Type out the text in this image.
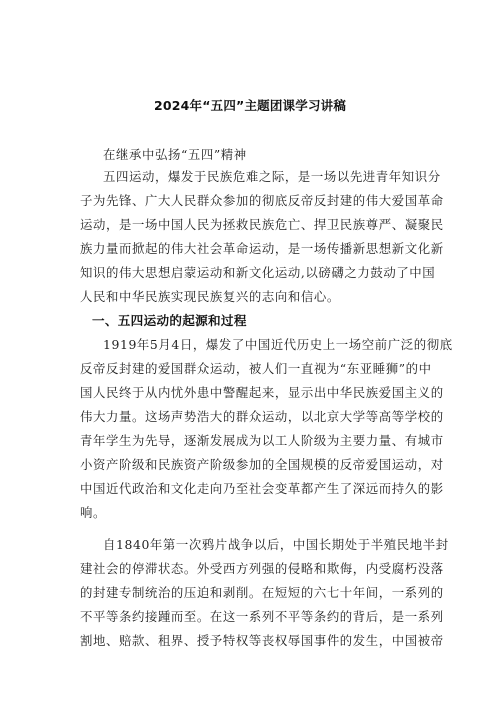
2024年“五四”主题团课学习讲稿
在继承中弘扬“五四”精神
五四运动，爆发于民族危难之际，是一场以先进青年知识分
子为先锋、广大人民群众参加的彻底反帝反封建的伟大爱国革命
运动，是一场中国人民为拯救民族危亡、捍卫民族尊严、凝聚民
族力量而掀起的伟大社会革命运动，是一场传播新思想新文化新
知识的伟大思想启蒙运动和新文化运动,以磅礴之力鼓动了中国
人民和中华民族实现民族复兴的志向和信心。
一、五四运动的起源和过程
1919年5月4日，爆发了中国近代历史上一场空前广泛的彻底
反帝反封建的爱国群众运动，被人们一直视为“东亚睡狮”的中
国人民终于从内忧外患中警醒起来，显示出中华民族爱国主义的
伟大力量。这场声势浩大的群众运动，以北京大学等高等学校的
青年学生为先导，逐渐发展成为以工人阶级为主要力量、有城市
小资产阶级和民族资产阶级参加的全国规模的反帝爱国运动，对
中国近代政治和文化走向乃至社会变革都产生了深远而持久的影
响。
自1840年第一次鸦片战争以后，中国长期处于半殖民地半封
建社会的停滞状态。外受西方列强的侵略和欺侮，内受腐朽没落
的封建专制统治的压迫和剥削。在短短的六七十年间，一系列的
不平等条约接踵而至。在这一系列不平等条约的背后，是一系列
割地、赔款、租界、授予特权等丧权辱国事件的发生，中国被帝
